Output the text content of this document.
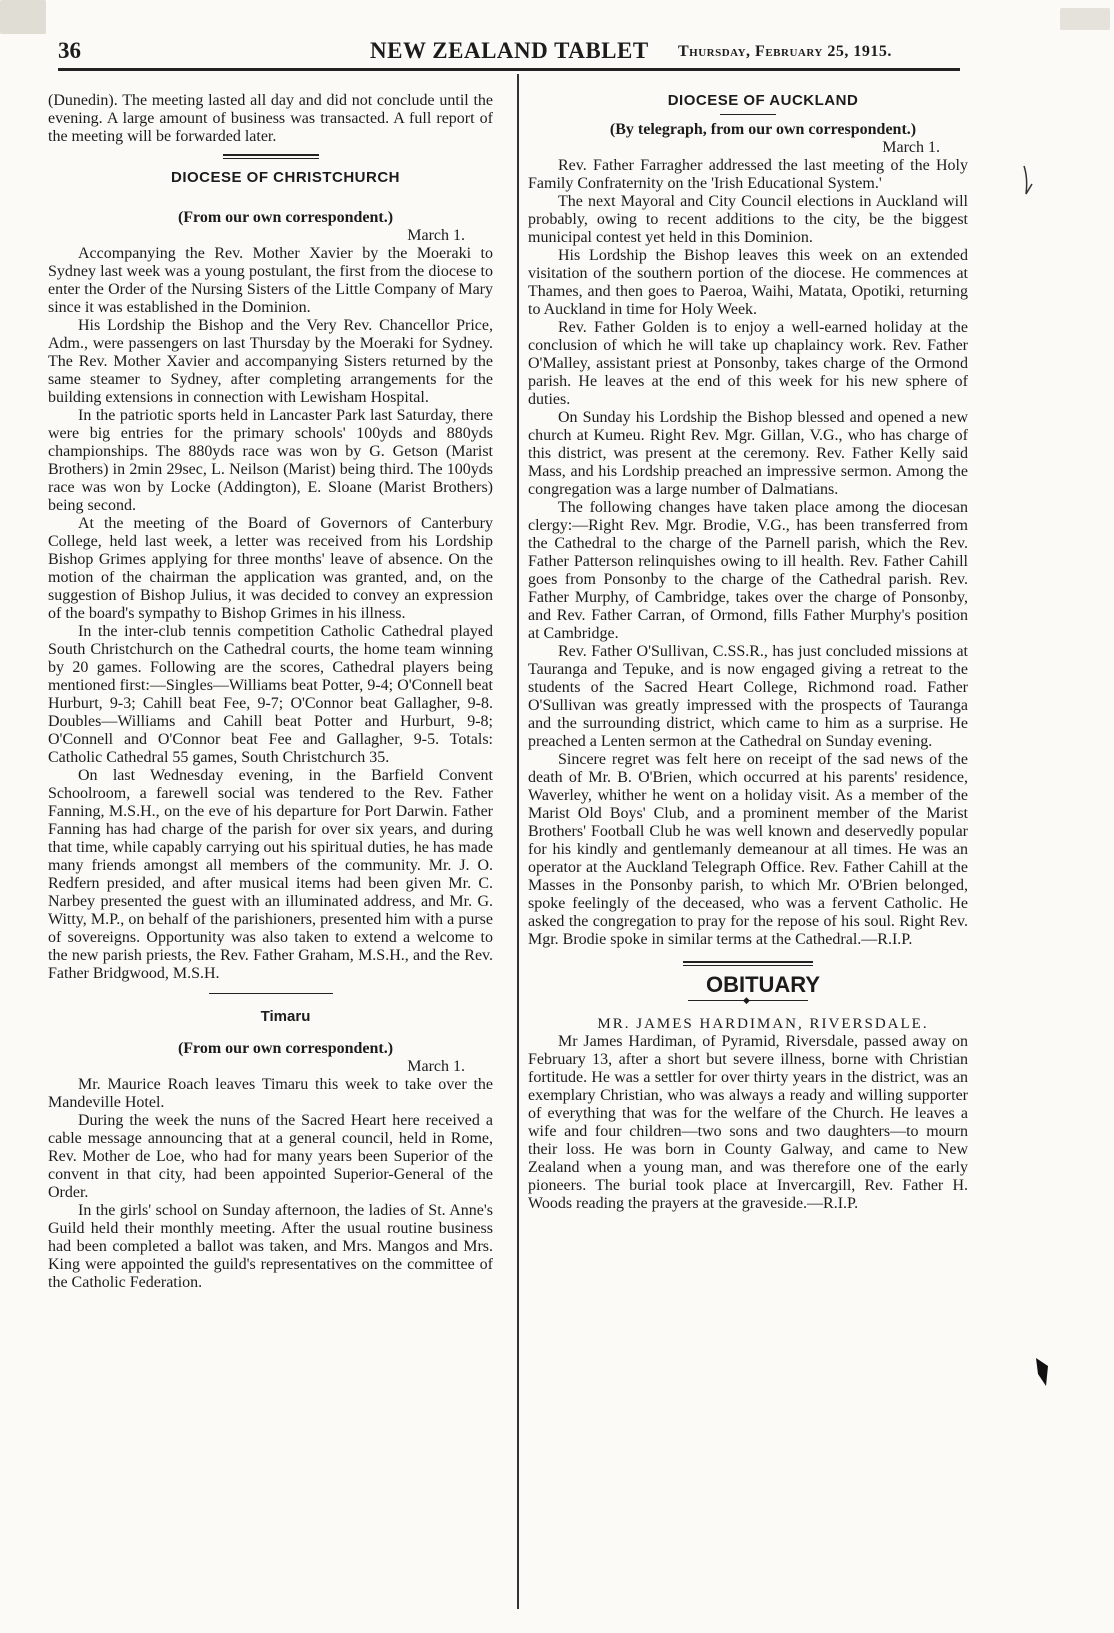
36	NEW ZEALAND TABLET Thursday, February 25, 1915.

(Dunedin). The meeting lasted all day and did not conclude until the evening. A large amount of business was transacted. A full report of the meeting will be forwarded later.

DIOCESE OF CHRISTCHURCH

(From our own correspondent.)

March 1.

Accompanying the Rev. Mother Xavier by the Moeraki to Sydney last week was a young postulant, the first from the diocese to enter the Order of the Nursing Sisters of the Little Company of Mary since it was established in the Dominion.

His Lordship the Bishop and the Very Rev. Chancellor Price, Adm., were passengers on last Thursday by the Moeraki for Sydney. The Rev. Mother Xavier and accompanying Sisters returned by the same steamer to Sydney, after completing arrangements for the building extensions in connection with Lewisham Hospital.

In the patriotic sports held in Lancaster Park last Saturday, there were big entries for the primary schools' 100yds and 880yds championships. The 880yds race was won by G. Getson (Marist Brothers) in 2min 29sec, L. Neilson (Marist) being third. The 100yds race was won by Locke (Addington), E. Sloane (Marist Brothers) being second.

At the meeting of the Board of Governors of Canterbury College, held last week, a letter was received from his Lordship Bishop Grimes applying for three months' leave of absence. On the motion of the chairman the application was granted, and, on the suggestion of Bishop Julius, it was decided to convey an expression of the board's sympathy to Bishop Grimes in his illness.

In the inter-club tennis competition Catholic Cathedral played South Christchurch on the Cathedral courts, the home team winning by 20 games. Following are the scores, Cathedral players being mentioned first:—Singles—Williams beat Potter, 9-4; O'Connell beat Hurburt, 9-3; Cahill beat Fee, 9-7; O'Connor beat Gallagher, 9-8. Doubles—Williams and Cahill beat Potter and Hurburt, 9-8; O'Connell and O'Connor beat Fee and Gallagher, 9-5. Totals: Catholic Cathedral 55 games, South Christchurch 35.

On last Wednesday evening, in the Barfield Convent Schoolroom, a farewell social was tendered to the Rev. Father Fanning, M.S.H., on the eve of his departure for Port Darwin. Father Fanning has had charge of the parish for over six years, and during that time, while capably carrying out his spiritual duties, he has made many friends amongst all members of the community. Mr. J. O. Redfern presided, and after musical items had been given Mr. C. Narbey presented the guest with an illuminated address, and Mr. G. Witty, M.P., on behalf of the parishioners, presented him with a purse of sovereigns. Opportunity was also taken to extend a welcome to the new parish priests, the Rev. Father Graham, M.S.H., and the Rev. Father Bridgwood, M.S.H.

Timaru

(From our own correspondent.)

March 1.

Mr. Maurice Roach leaves Timaru this week to take over the Mandeville Hotel.

During the week the nuns of the Sacred Heart here received a cable message announcing that at a general council, held in Rome, Rev. Mother de Loe, who had for many years been Superior of the convent in that city, had been appointed Superior-General of the Order.

In the girls' school on Sunday afternoon, the ladies of St. Anne's Guild held their monthly meeting. After the usual routine business had been completed a ballot was taken, and Mrs. Mangos and Mrs. King were appointed the guild's representatives on the committee of the Catholic Federation.

DIOCESE OF AUCKLAND

(By telegraph, from our own correspondent.)

March 1.

Rev. Father Farragher addressed the last meeting of the Holy Family Confraternity on the 'Irish Educational System.'

The next Mayoral and City Council elections in Auckland will probably, owing to recent additions to the city, be the biggest municipal contest yet held in this Dominion.

His Lordship the Bishop leaves this week on an extended visitation of the southern portion of the diocese. He commences at Thames, and then goes to Paeroa, Waihi, Matata, Opotiki, returning to Auckland in time for Holy Week.

Rev. Father Golden is to enjoy a well-earned holiday at the conclusion of which he will take up chaplaincy work. Rev. Father O'Malley, assistant priest at Ponsonby, takes charge of the Ormond parish. He leaves at the end of this week for his new sphere of duties.

On Sunday his Lordship the Bishop blessed and opened a new church at Kumeu. Right Rev. Mgr. Gillan, V.G., who has charge of this district, was present at the ceremony. Rev. Father Kelly said Mass, and his Lordship preached an impressive sermon. Among the congregation was a large number of Dalmatians.

The following changes have taken place among the diocesan clergy:—Right Rev. Mgr. Brodie, V.G., has been transferred from the Cathedral to the charge of the Parnell parish, which the Rev. Father Patterson relinquishes owing to ill health. Rev. Father Cahill goes from Ponsonby to the charge of the Cathedral parish. Rev. Father Murphy, of Cambridge, takes over the charge of Ponsonby, and Rev. Father Carran, of Ormond, fills Father Murphy's position at Cambridge.

Rev. Father O'Sullivan, C.SS.R., has just concluded missions at Tauranga and Tepuke, and is now engaged giving a retreat to the students of the Sacred Heart College, Richmond road. Father O'Sullivan was greatly impressed with the prospects of Tauranga and the surrounding district, which came to him as a surprise. He preached a Lenten sermon at the Cathedral on Sunday evening.

Sincere regret was felt here on receipt of the sad news of the death of Mr. B. O'Brien, which occurred at his parents' residence, Waverley, whither he went on a holiday visit. As a member of the Marist Old Boys' Club, and a prominent member of the Marist Brothers' Football Club he was well known and deservedly popular for his kindly and gentlemanly demeanour at all times. He was an operator at the Auckland Telegraph Office. Rev. Father Cahill at the Masses in the Ponsonby parish, to which Mr. O'Brien belonged, spoke feelingly of the deceased, who was a fervent Catholic. He asked the congregation to pray for the repose of his soul. Right Rev. Mgr. Brodie spoke in similar terms at the Cathedral.—R.I.P.

OBITUARY

◆

MR. JAMES HARDIMAN, RIVERSDALE.

Mr James Hardiman, of Pyramid, Riversdale, passed away on February 13, after a short but severe illness, borne with Christian fortitude. He was a settler for over thirty years in the district, was an exemplary Christian, who was always a ready and willing supporter of everything that was for the welfare of the Church. He leaves a wife and four children—two sons and two daughters—to mourn their loss. He was born in County Galway, and came to New Zealand when a young man, and was therefore one of the early pioneers. The burial took place at Invercargill, Rev. Father H. Woods reading the prayers at the graveside.—R.I.P.
